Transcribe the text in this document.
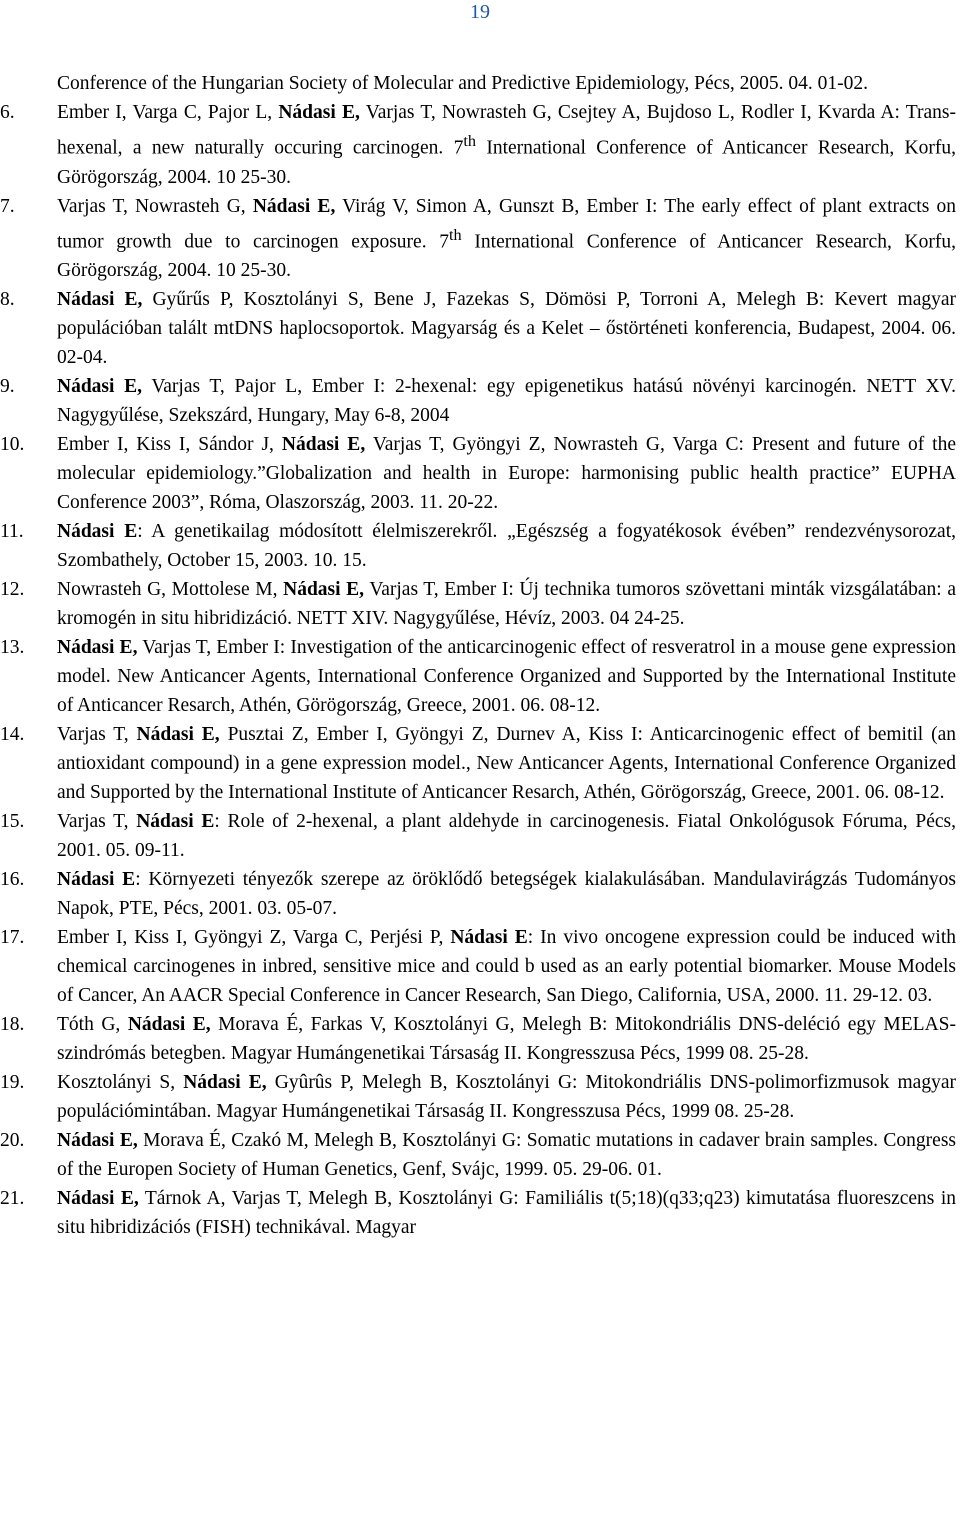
19

Conference of the Hungarian Society of Molecular and Predictive Epidemiology, Pécs, 2005. 04. 01-02.

6. Ember I, Varga C, Pajor L, Nádasi E, Varjas T, Nowrasteh G, Csejtey A, Bujdoso L, Rodler I, Kvarda A: Trans-hexenal, a new naturally occuring carcinogen. 7th International Conference of Anticancer Research, Korfu, Görögország, 2004. 10 25-30.

7. Varjas T, Nowrasteh G, Nádasi E, Virág V, Simon A, Gunszt B, Ember I: The early effect of plant extracts on tumor growth due to carcinogen exposure. 7th International Conference of Anticancer Research, Korfu, Görögország, 2004. 10 25-30.

8. Nádasi E, Gyűrűs P, Kosztolányi S, Bene J, Fazekas S, Dömösi P, Torroni A, Melegh B: Kevert magyar populációban talált mtDNS haplocsoportok. Magyarság és a Kelet – őstörténeti konferencia, Budapest, 2004. 06. 02-04.

9. Nádasi E, Varjas T, Pajor L, Ember I: 2-hexenal: egy epigenetikus hatású növényi karcinogén. NETT XV. Nagygyűlése, Szekszárd, Hungary, May 6-8, 2004

10. Ember I, Kiss I, Sándor J, Nádasi E, Varjas T, Gyöngyi Z, Nowrasteh G, Varga C: Present and future of the molecular epidemiology.”Globalization and health in Europe: harmonising public health practice” EUPHA Conference 2003”, Róma, Olaszország, 2003. 11. 20-22.

11. Nádasi E: A genetikailag módosított élelmiszerekről. „Egészség a fogyatékosok évében” rendezvénysorozat, Szombathely, October 15, 2003. 10. 15.

12. Nowrasteh G, Mottolese M, Nádasi E, Varjas T, Ember I: Új technika tumoros szövettani minták vizsgálatában: a kromogén in situ hibridizáció. NETT XIV. Nagygyűlése, Hévíz, 2003. 04 24-25.

13. Nádasi E, Varjas T, Ember I: Investigation of the anticarcinogenic effect of resveratrol in a mouse gene expression model. New Anticancer Agents, International Conference Organized and Supported by the International Institute of Anticancer Resarch, Athén, Görögország, Greece, 2001. 06. 08-12.

14. Varjas T, Nádasi E, Pusztai Z, Ember I, Gyöngyi Z, Durnev A, Kiss I: Anticarcinogenic effect of bemitil (an antioxidant compound) in a gene expression model., New Anticancer Agents, International Conference Organized and Supported by the International Institute of Anticancer Resarch, Athén, Görögország, Greece, 2001. 06. 08-12.

15. Varjas T, Nádasi E: Role of 2-hexenal, a plant aldehyde in carcinogenesis. Fiatal Onkológusok Fóruma, Pécs, 2001. 05. 09-11.

16. Nádasi E: Környezeti tényezők szerepe az öröklődő betegségek kialakulásában. Mandulavirágzás Tudományos Napok, PTE, Pécs, 2001. 03. 05-07.

17. Ember I, Kiss I, Gyöngyi Z, Varga C, Perjési P, Nádasi E: In vivo oncogene expression could be induced with chemical carcinogenes in inbred, sensitive mice and could b used as an early potential biomarker. Mouse Models of Cancer, An AACR Special Conference in Cancer Research, San Diego, California, USA, 2000. 11. 29-12. 03.

18. Tóth G, Nádasi E, Morava É, Farkas V, Kosztolányi G, Melegh B: Mitokondriális DNS-deléció egy MELAS-szindrómás betegben. Magyar Humángenetikai Társaság II. Kongresszusa Pécs, 1999 08. 25-28.

19. Kosztolányi S, Nádasi E, Gyûrûs P, Melegh B, Kosztolányi G: Mitokondriális DNS-polimorfizmusok magyar populációmintában. Magyar Humángenetikai Társaság II. Kongresszusa Pécs, 1999 08. 25-28.

20. Nádasi E, Morava É, Czakó M, Melegh B, Kosztolányi G: Somatic mutations in cadaver brain samples. Congress of the Europen Society of Human Genetics, Genf, Svájc, 1999. 05. 29-06. 01.

21. Nádasi E, Tárnok A, Varjas T, Melegh B, Kosztolányi G: Familiális t(5;18)(q33;q23) kimutatása fluoreszcens in situ hibridizációs (FISH) technikával. Magyar
